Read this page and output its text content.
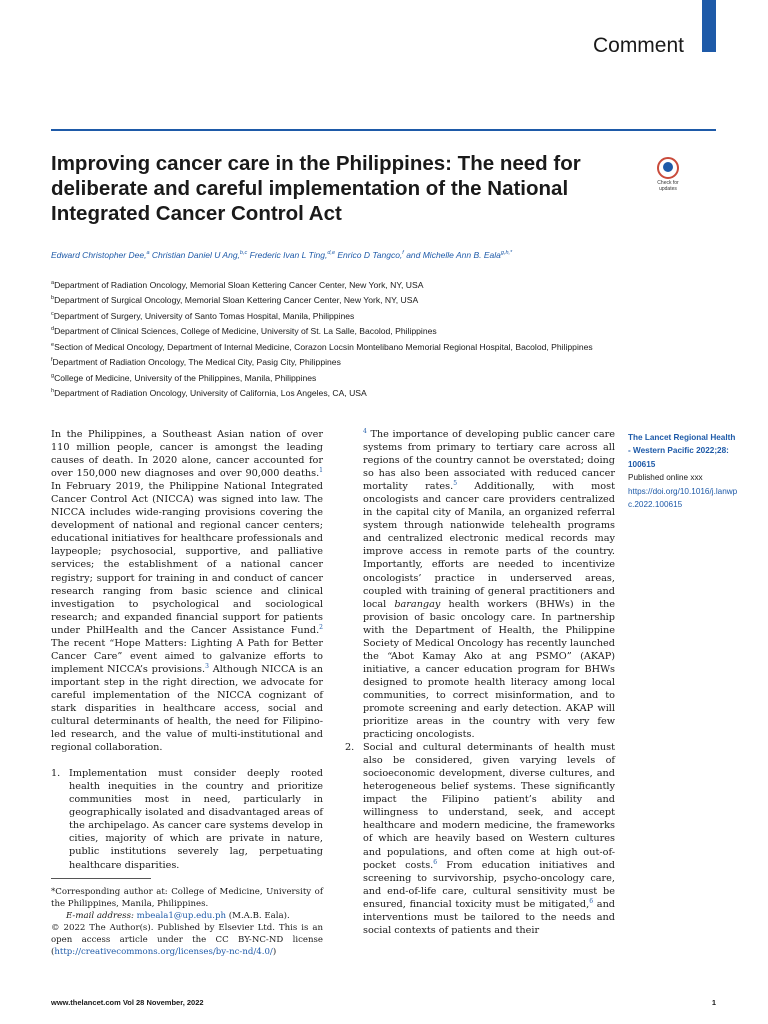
Comment
Improving cancer care in the Philippines: The need for deliberate and careful implementation of the National Integrated Cancer Control Act
Check for
updates
Edward Christopher Dee,$^a$ Christian Daniel U Ang,$^{b,c}$ Frederic Ivan L Ting,$^{d,e}$ Enrico D Tangco,$^f$ and Michelle Ann B. Eala$^{g,h,*}$
$^a$Department of Radiation Oncology, Memorial Sloan Kettering Cancer Center, New York, NY, USA
$^b$Department of Surgical Oncology, Memorial Sloan Kettering Cancer Center, New York, NY, USA
$^c$Department of Surgery, University of Santo Tomas Hospital, Manila, Philippines
$^d$Department of Clinical Sciences, College of Medicine, University of St. La Salle, Bacolod, Philippines
$^e$Section of Medical Oncology, Department of Internal Medicine, Corazon Locsin Montelibano Memorial Regional Hospital, Bacolod, Philippines
$^f$Department of Radiation Oncology, The Medical City, Pasig City, Philippines
$^g$College of Medicine, University of the Philippines, Manila, Philippines
$^h$Department of Radiation Oncology, University of California, Los Angeles, CA, USA

In the Philippines, a Southeast Asian nation of over 110 million people, cancer is amongst the leading causes of death. In 2020 alone, cancer accounted for over 150,000 new diagnoses and over 90,000 deaths.$^1$ In February 2019, the Philippine National Integrated Cancer Control Act (NICCA) was signed into law. The NICCA includes wide-ranging provisions covering the development of national and regional cancer centers; educational initiatives for healthcare professionals and laypeople; psychosocial, supportive, and palliative services; the establishment of a national cancer registry; support for training in and conduct of cancer research ranging from basic science and clinical investigation to psychological and sociological research; and expanded financial support for patients under PhilHealth and the Cancer Assistance Fund.$^2$ The recent “Hope Matters: Lighting A Path for Better Cancer Care” event aimed to galvanize efforts to implement NICCA’s provisions.$^3$ Although NICCA is an important step in the right direction, we advocate for careful implementation of the NICCA cognizant of stark disparities in healthcare access, social and cultural determinants of health, the need for Filipino-led research, and the value of multi-institutional and regional collaboration.

1. Implementation must consider deeply rooted health inequities in the country and prioritize communities most in need, particularly in geographically isolated and disadvantaged areas of the archipelago. As cancer care systems develop in cities, majority of which are private in nature, public institutions severely lag, perpetuating healthcare disparities.
$^4$ The importance of developing public cancer care systems from primary to tertiary care across all regions of the country cannot be overstated; doing so has also been associated with reduced cancer mortality rates.$^5$ Additionally, with most oncologists and cancer care providers centralized in the capital city of Manila, an organized referral system through nationwide telehealth programs and centralized electronic medical records may improve access in remote parts of the country. Importantly, efforts are needed to incentivize oncologists’ practice in underserved areas, coupled with training of general practitioners and local barangay health workers (BHWs) in the provision of basic oncology care. In partnership with the Department of Health, the Philippine Society of Medical Oncology has recently launched the “Abot Kamay Ako at ang PSMO” (AKAP) initiative, a cancer education program for BHWs designed to promote health literacy among local communities, to correct misinformation, and to promote screening and early detection. AKAP will prioritize areas in the country with very few practicing oncologists.
2. Social and cultural determinants of health must also be considered, given varying levels of socioeconomic development, diverse cultures, and heterogeneous belief systems. These significantly impact the Filipino patient’s ability and willingness to understand, seek, and accept healthcare and modern medicine, the frameworks of which are heavily based on Western cultures and populations, and often come at high out-of-pocket costs.$^6$ From education initiatives and screening to survivorship, psycho-oncology care, and end-of-life care, cultural sensitivity must be ensured, financial toxicity must be mitigated,$^6$ and interventions must be tailored to the needs and social contexts of patients and their

*Corresponding author at: College of Medicine, University of the Philippines, Manila, Philippines.

E-mail address: mbeala1@up.edu.ph (M.A.B. Eala).

© 2022 The Author(s). Published by Elsevier Ltd. This is an open access article under the CC BY-NC-ND license (http://creativecommons.org/licenses/by-nc-nd/4.0/)

The Lancet Regional Health - Western Pacific 2022;28: 100615
Published online xxx
https://doi.org/10.1016/j.lanwpc.2022.100615
www.thelancet.com Vol 28 November, 2022	1
